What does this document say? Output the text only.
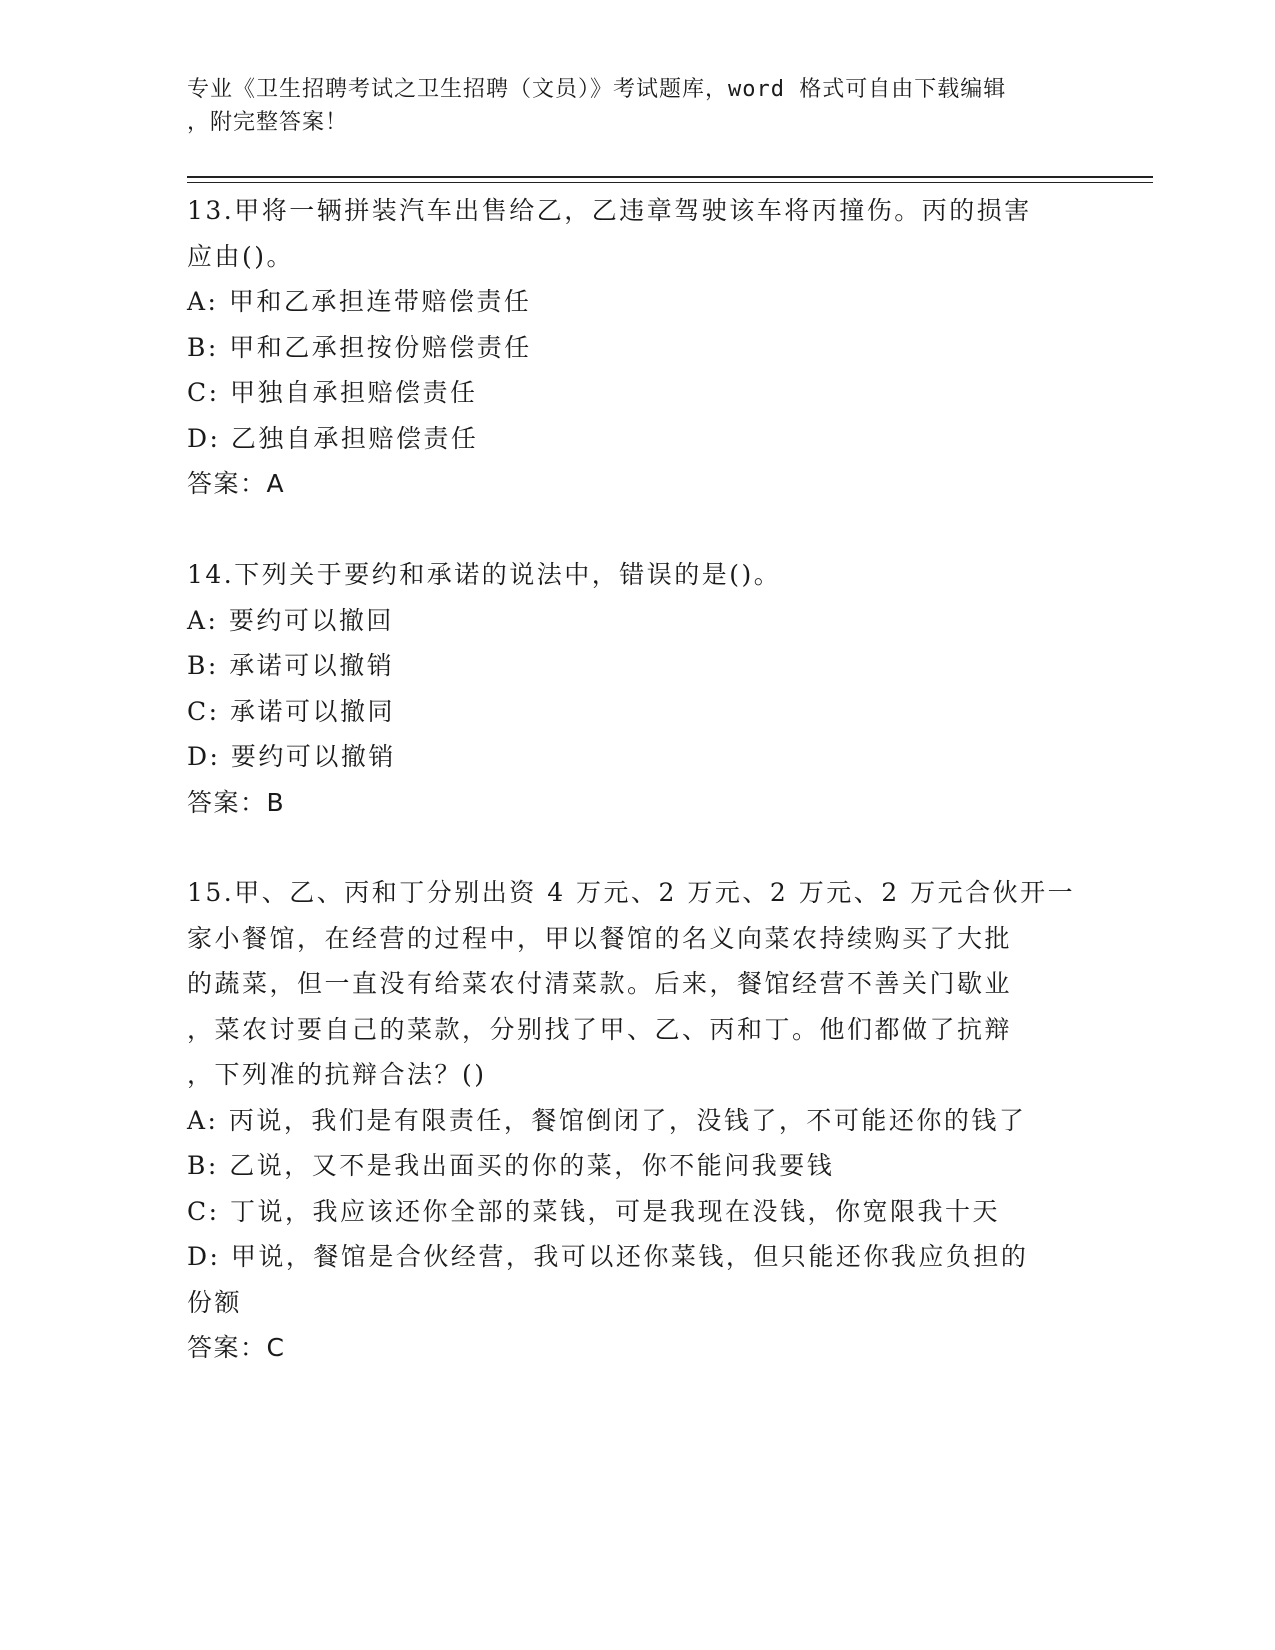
专业《卫生招聘考试之卫生招聘（文员）》考试题库，word 格式可自由下载编辑
，附完整答案！

13.甲将一辆拼装汽车出售给乙，乙违章驾驶该车将丙撞伤。丙的损害

应由()。

A: 甲和乙承担连带赔偿责任

B: 甲和乙承担按份赔偿责任

C: 甲独自承担赔偿责任

D: 乙独自承担赔偿责任

答案：A

14.下列关于要约和承诺的说法中，错误的是()。

A: 要约可以撤回

B: 承诺可以撤销

C: 承诺可以撤同

D: 要约可以撤销

答案：B

15.甲、乙、丙和丁分别出资 4 万元、2 万元、2 万元、2 万元合伙开一

家小餐馆，在经营的过程中，甲以餐馆的名义向菜农持续购买了大批

的蔬菜，但一直没有给菜农付清菜款。后来，餐馆经营不善关门歇业

，菜农讨要自己的菜款，分别找了甲、乙、丙和丁。他们都做了抗辩

，下列准的抗辩合法？()

A: 丙说，我们是有限责任，餐馆倒闭了，没钱了，不可能还你的钱了

B: 乙说，又不是我出面买的你的菜，你不能问我要钱

C: 丁说，我应该还你全部的菜钱，可是我现在没钱，你宽限我十天

D: 甲说，餐馆是合伙经营，我可以还你菜钱，但只能还你我应负担的

份额

答案：C
